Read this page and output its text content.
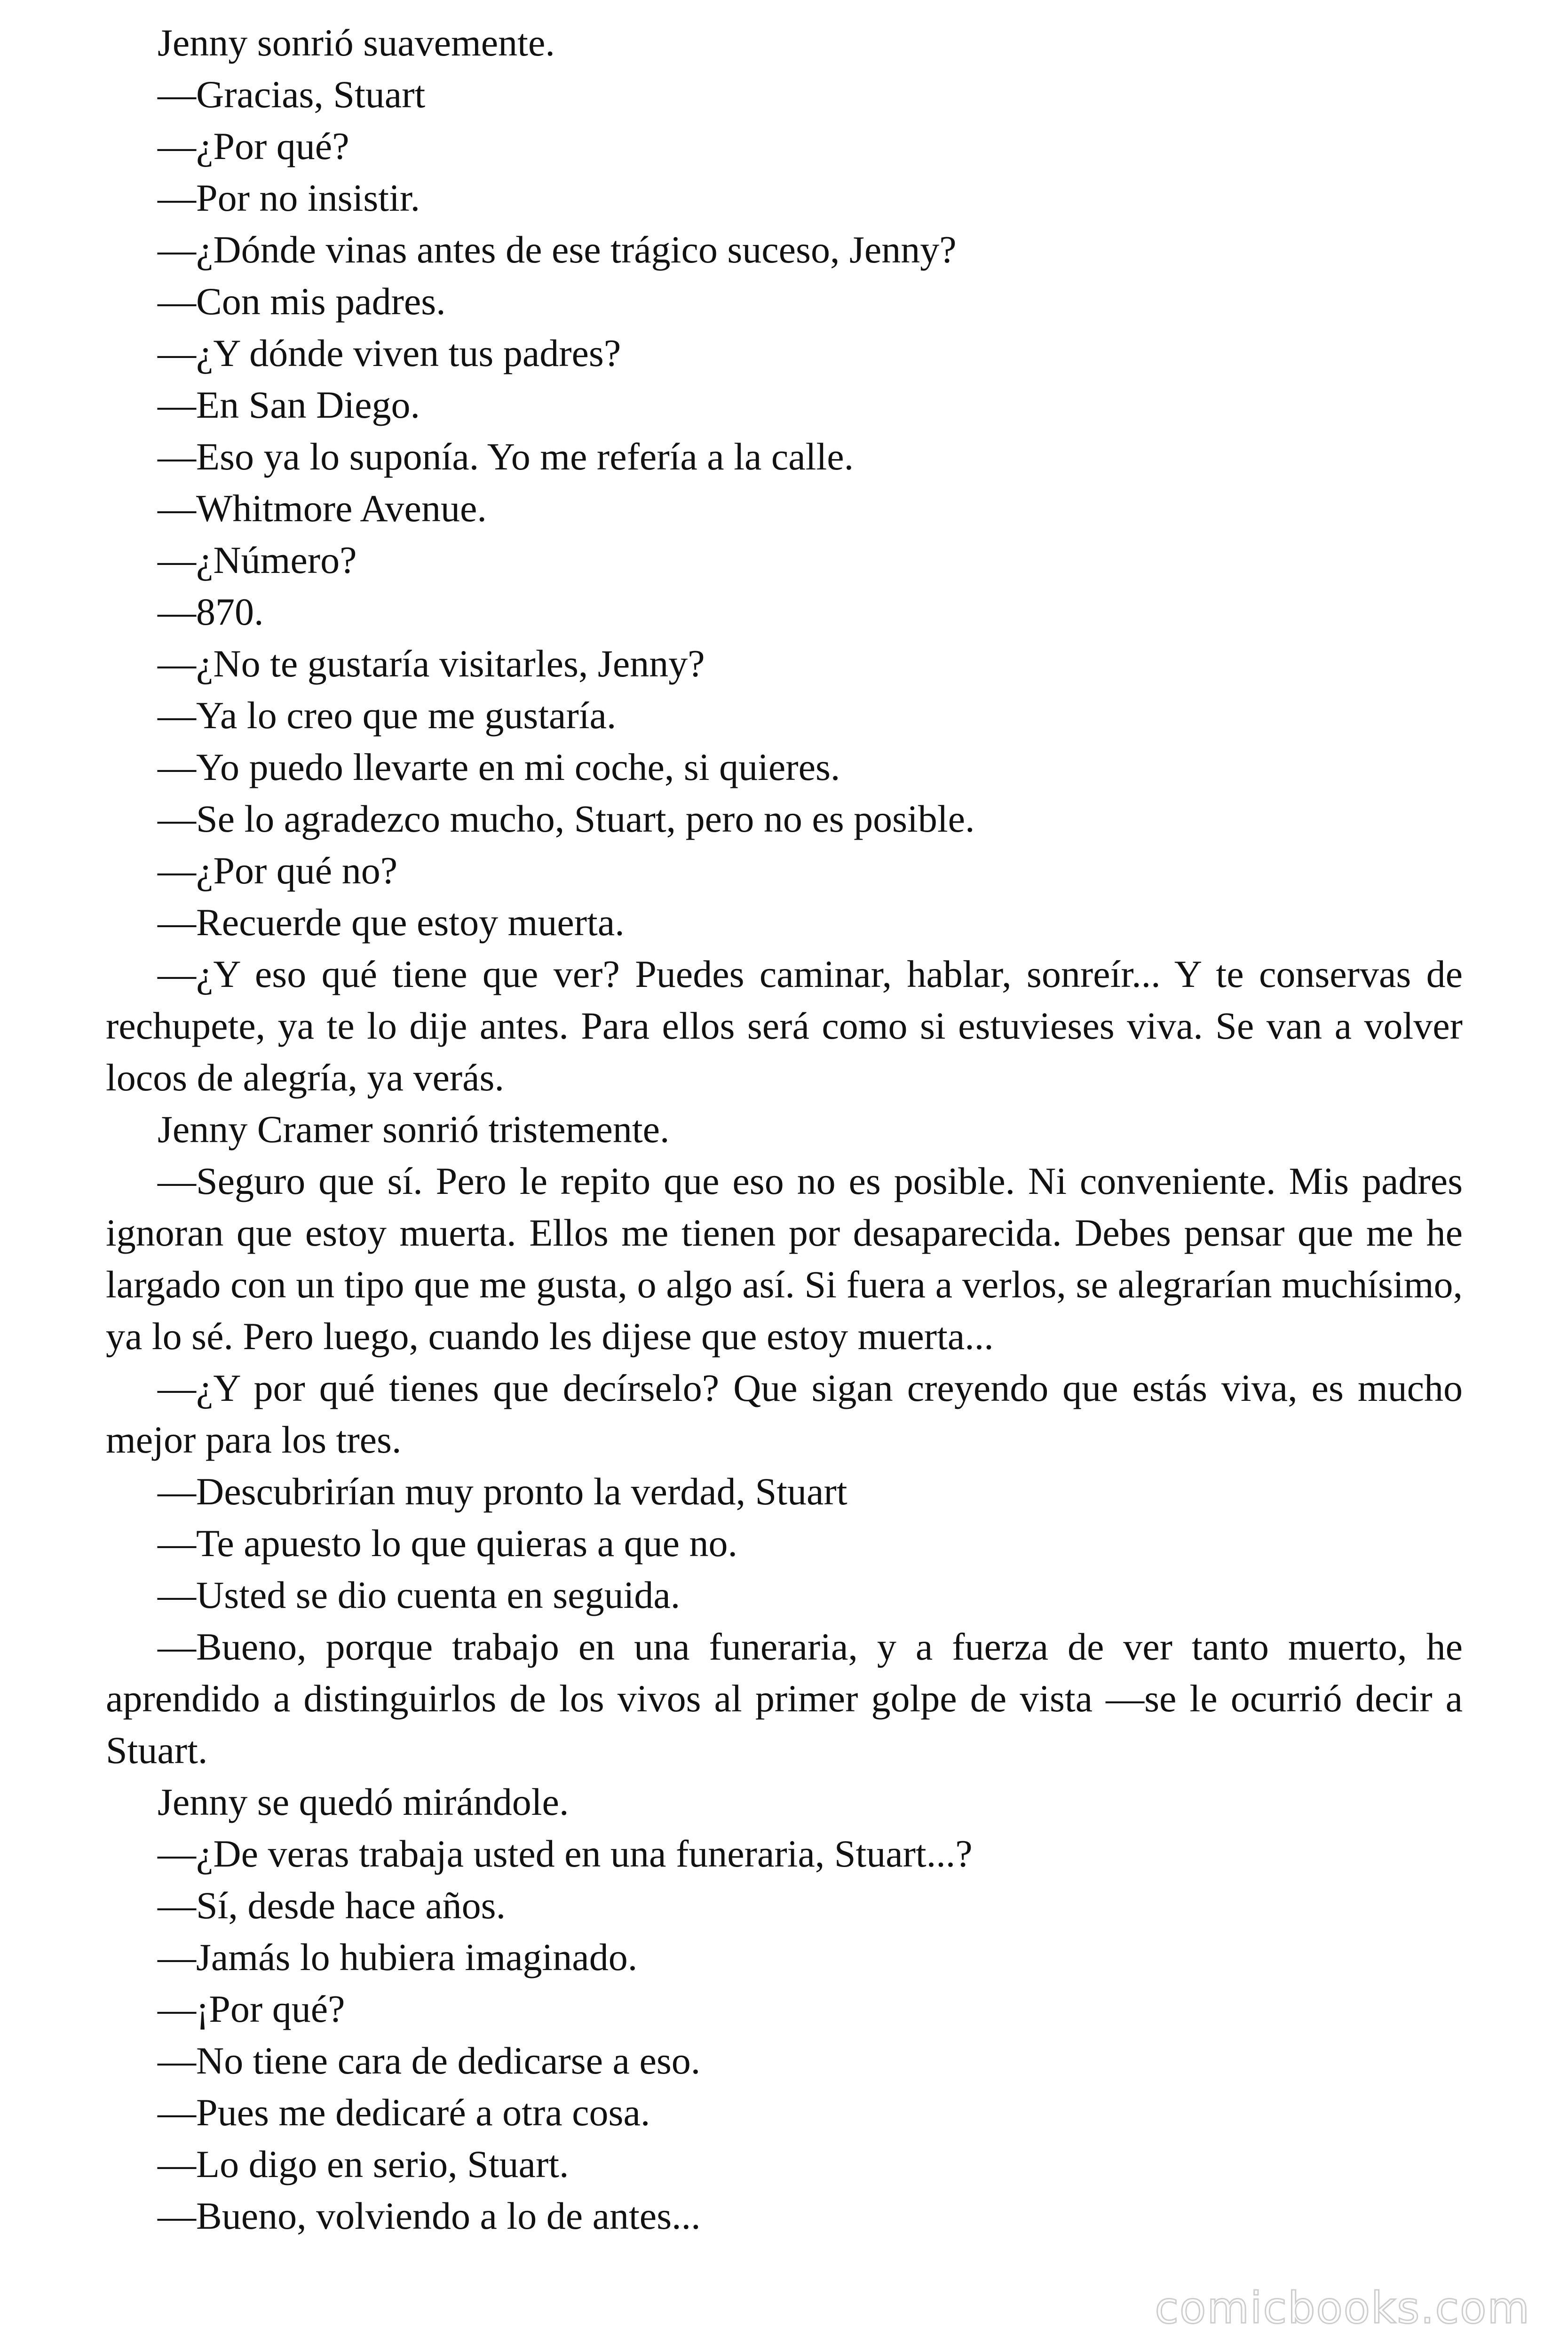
Jenny sonrió suavemente.

—Gracias, Stuart

—¿Por qué?

—Por no insistir.

—¿Dónde vinas antes de ese trágico suceso, Jenny?

—Con mis padres.

—¿Y dónde viven tus padres?

—En San Diego.

—Eso ya lo suponía. Yo me refería a la calle.

—Whitmore Avenue.

—¿Número?

—870.

—¿No te gustaría visitarles, Jenny?

—Ya lo creo que me gustaría.

—Yo puedo llevarte en mi coche, si quieres.

—Se lo agradezco mucho, Stuart, pero no es posible.

—¿Por qué no?

—Recuerde que estoy muerta.

—¿Y eso qué tiene que ver? Puedes caminar, hablar, sonreír... Y te conservas de rechupete, ya te lo dije antes. Para ellos será como si estuvieses viva. Se van a volver locos de alegría, ya verás.

Jenny Cramer sonrió tristemente.

—Seguro que sí. Pero le repito que eso no es posible. Ni conveniente. Mis padres ignoran que estoy muerta. Ellos me tienen por desaparecida. Debes pensar que me he largado con un tipo que me gusta, o algo así. Si fuera a verlos, se alegrarían muchísimo, ya lo sé. Pero luego, cuando les dijese que estoy muerta...

—¿Y por qué tienes que decírselo? Que sigan creyendo que estás viva, es mucho mejor para los tres.

—Descubrirían muy pronto la verdad, Stuart

—Te apuesto lo que quieras a que no.

—Usted se dio cuenta en seguida.

—Bueno, porque trabajo en una funeraria, y a fuerza de ver tanto muerto, he aprendido a distinguirlos de los vivos al primer golpe de vista —se le ocurrió decir a Stuart.

Jenny se quedó mirándole.

—¿De veras trabaja usted en una funeraria, Stuart...?

—Sí, desde hace años.

—Jamás lo hubiera imaginado.

—¡Por qué?

—No tiene cara de dedicarse a eso.

—Pues me dedicaré a otra cosa.

—Lo digo en serio, Stuart.

—Bueno, volviendo a lo de antes...

comicbooks.com
